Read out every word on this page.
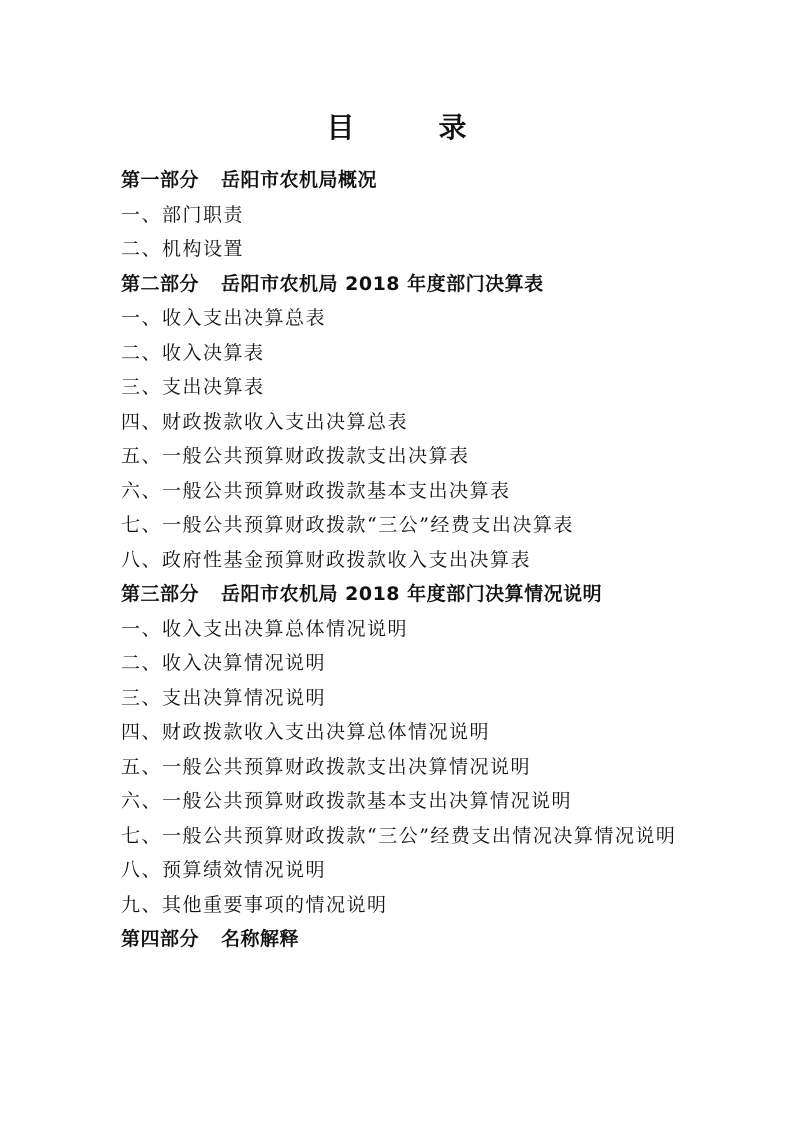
目　录
第一部分 岳阳市农机局概况
一、部门职责
二、机构设置
第二部分 岳阳市农机局 2018 年度部门决算表
一、收入支出决算总表
二、收入决算表
三、支出决算表
四、财政拨款收入支出决算总表
五、一般公共预算财政拨款支出决算表
六、一般公共预算财政拨款基本支出决算表
七、一般公共预算财政拨款“三公”经费支出决算表
八、政府性基金预算财政拨款收入支出决算表
第三部分 岳阳市农机局 2018 年度部门决算情况说明
一、收入支出决算总体情况说明
二、收入决算情况说明
三、支出决算情况说明
四、财政拨款收入支出决算总体情况说明
五、一般公共预算财政拨款支出决算情况说明
六、一般公共预算财政拨款基本支出决算情况说明
七、一般公共预算财政拨款“三公”经费支出情况决算情况说明
八、预算绩效情况说明
九、其他重要事项的情况说明
第四部分 名称解释
